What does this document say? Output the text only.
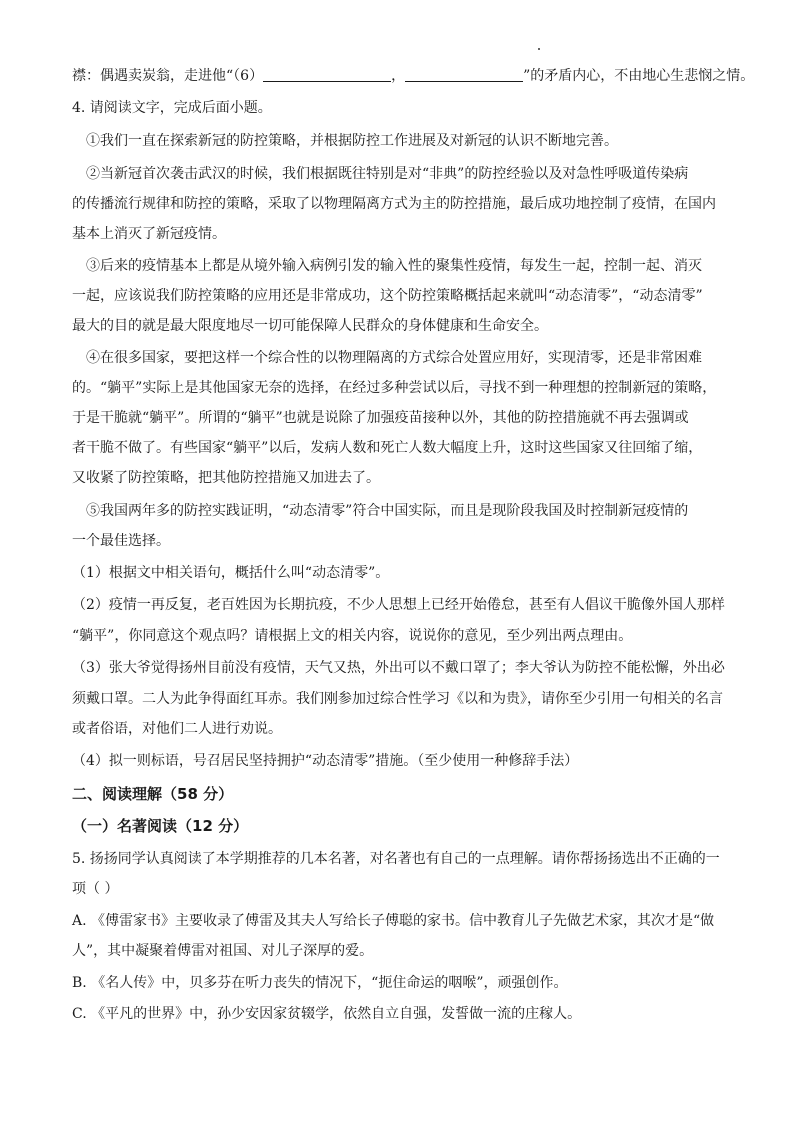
襟：偶遇卖炭翁，走进他“（6）	，	”的矛盾内心，不由地心生悲悯之情。
4. 请阅读文字，完成后面小题。
①我们一直在探索新冠的防控策略，并根据防控工作进展及对新冠的认识不断地完善。
②当新冠首次袭击武汉的时候，我们根据既往特别是对“非典”的防控经验以及对急性呼吸道传染病
的传播流行规律和防控的策略，采取了以物理隔离方式为主的防控措施，最后成功地控制了疫情，在国内
基本上消灭了新冠疫情。
③后来的疫情基本上都是从境外输入病例引发的输入性的聚集性疫情，每发生一起，控制一起、消灭
一起，应该说我们防控策略的应用还是非常成功，这个防控策略概括起来就叫“动态清零”，“动态清零”
最大的目的就是最大限度地尽一切可能保障人民群众的身体健康和生命安全。
④在很多国家，要把这样一个综合性的以物理隔离的方式综合处置应用好，实现清零，还是非常困难
的。“躺平”实际上是其他国家无奈的选择，在经过多种尝试以后，寻找不到一种理想的控制新冠的策略，
于是干脆就“躺平”。所谓的“躺平”也就是说除了加强疫苗接种以外，其他的防控措施就不再去强调或
者干脆不做了。有些国家“躺平”以后，发病人数和死亡人数大幅度上升，这时这些国家又往回缩了缩，
又收紧了防控策略，把其他防控措施又加进去了。
⑤我国两年多的防控实践证明，“动态清零”符合中国实际，而且是现阶段我国及时控制新冠疫情的
一个最佳选择。
（1）根据文中相关语句，概括什么叫“动态清零”。
（2）疫情一再反复，老百姓因为长期抗疫，不少人思想上已经开始倦怠，甚至有人倡议干脆像外国人那样
“躺平”，你同意这个观点吗？请根据上文的相关内容，说说你的意见，至少列出两点理由。
（3）张大爷觉得扬州目前没有疫情，天气又热，外出可以不戴口罩了；李大爷认为防控不能松懈，外出必
须戴口罩。二人为此争得面红耳赤。我们刚参加过综合性学习《以和为贵》，请你至少引用一句相关的名言
或者俗语，对他们二人进行劝说。
（4）拟一则标语，号召居民坚持拥护“动态清零”措施。（至少使用一种修辞手法）
二、阅读理解（58 分）
（一）名著阅读（12 分）
5. 扬扬同学认真阅读了本学期推荐的几本名著，对名著也有自己的一点理解。请你帮扬扬选出不正确的一
项（ ）
A. 《傅雷家书》主要收录了傅雷及其夫人写给长子傅聪的家书。信中教育儿子先做艺术家，其次才是“做
人”，其中凝聚着傅雷对祖国、对儿子深厚的爱。
B. 《名人传》中，贝多芬在听力丧失的情况下，“扼住命运的咽喉”，顽强创作。
C. 《平凡的世界》中，孙少安因家贫辍学，依然自立自强，发誓做一流的庄稼人。
